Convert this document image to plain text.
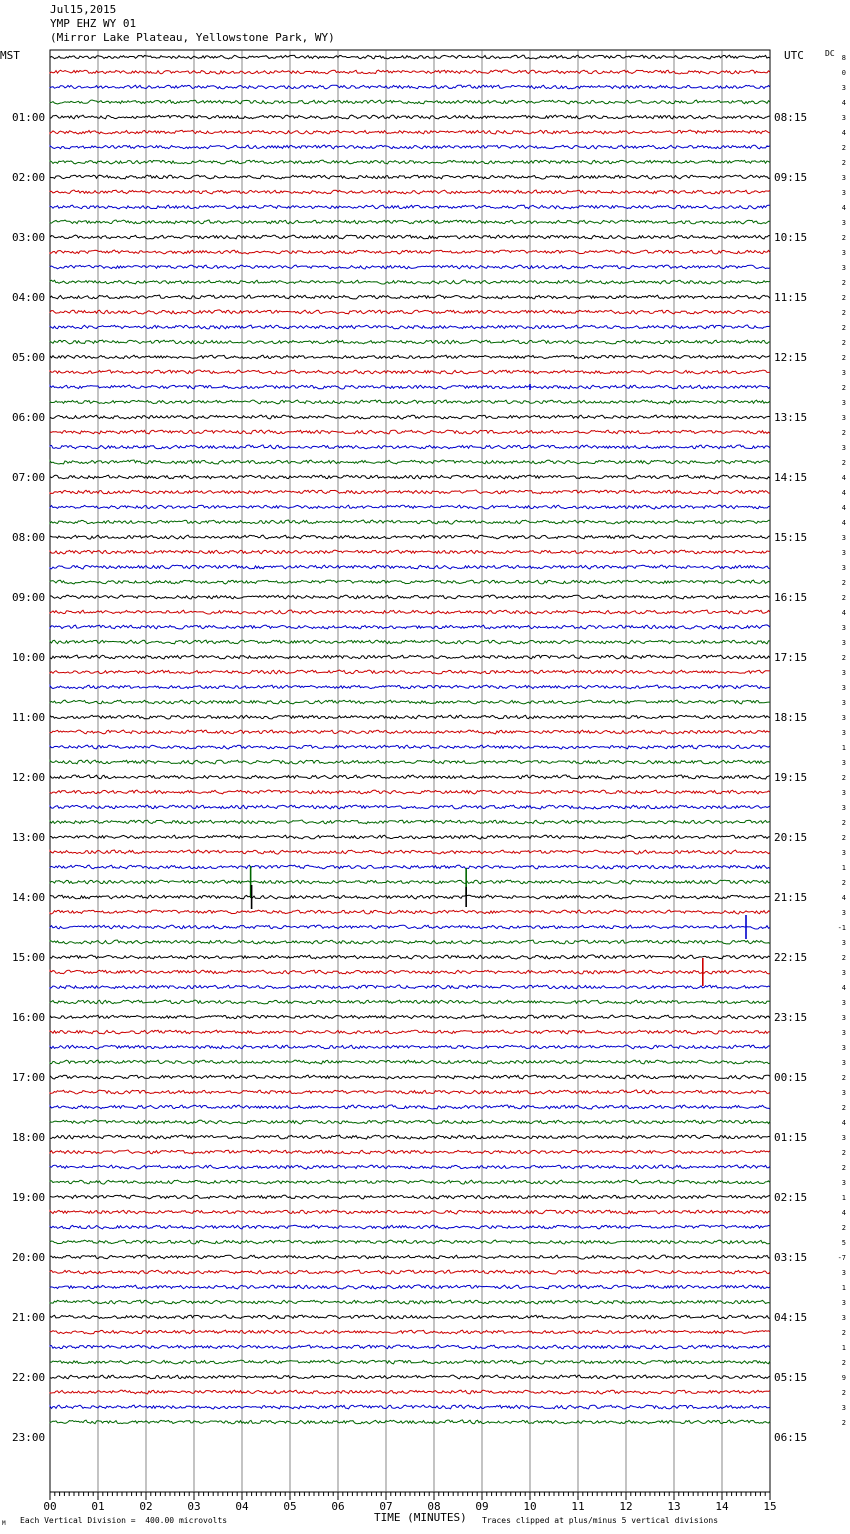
Jul15,2015
YMP EHZ WY 01
(Mirror Lake Plateau, Yellowstone Park, WY)
MST	UTC	DC
01:00
02:00
03:00
04:00
05:00
06:00
07:00
08:00
09:00
10:00
11:00
12:00
13:00
14:00
15:00
16:00
17:00
18:00
19:00
20:00
21:00
22:00
23:00
08:15
09:15
10:15
11:15
12:15
13:15
14:15
15:15
16:15
17:15
18:15
19:15
20:15
21:15
22:15
23:15
00:15
01:15
02:15
03:15
04:15
05:15
06:15
8
0
3
4
3
4
2
2
3
3
4
3
2
3
3
2
2
2
2
2
2
3
2
3
3
2
3
2
4
4
4
4
3
3
3
2
2
4
3
3
2
3
3
3
3
3
1
3
2
3
3
2
2
3
1
2
4
3
-1
3
2
3
4
3
3
3
3
3
2
3
2
4
3
2
2
3
1
4
2
5
-7
3
1
3
3
2
1
2
9
2
3
2
00	01	02	03	04	05	06	07	08	09	10	11	12	13	14	15
TIME (MINUTES)
Each Vertical Division =  400.00 microvolts	Traces clipped at plus/minus 5 vertical divisions
M
